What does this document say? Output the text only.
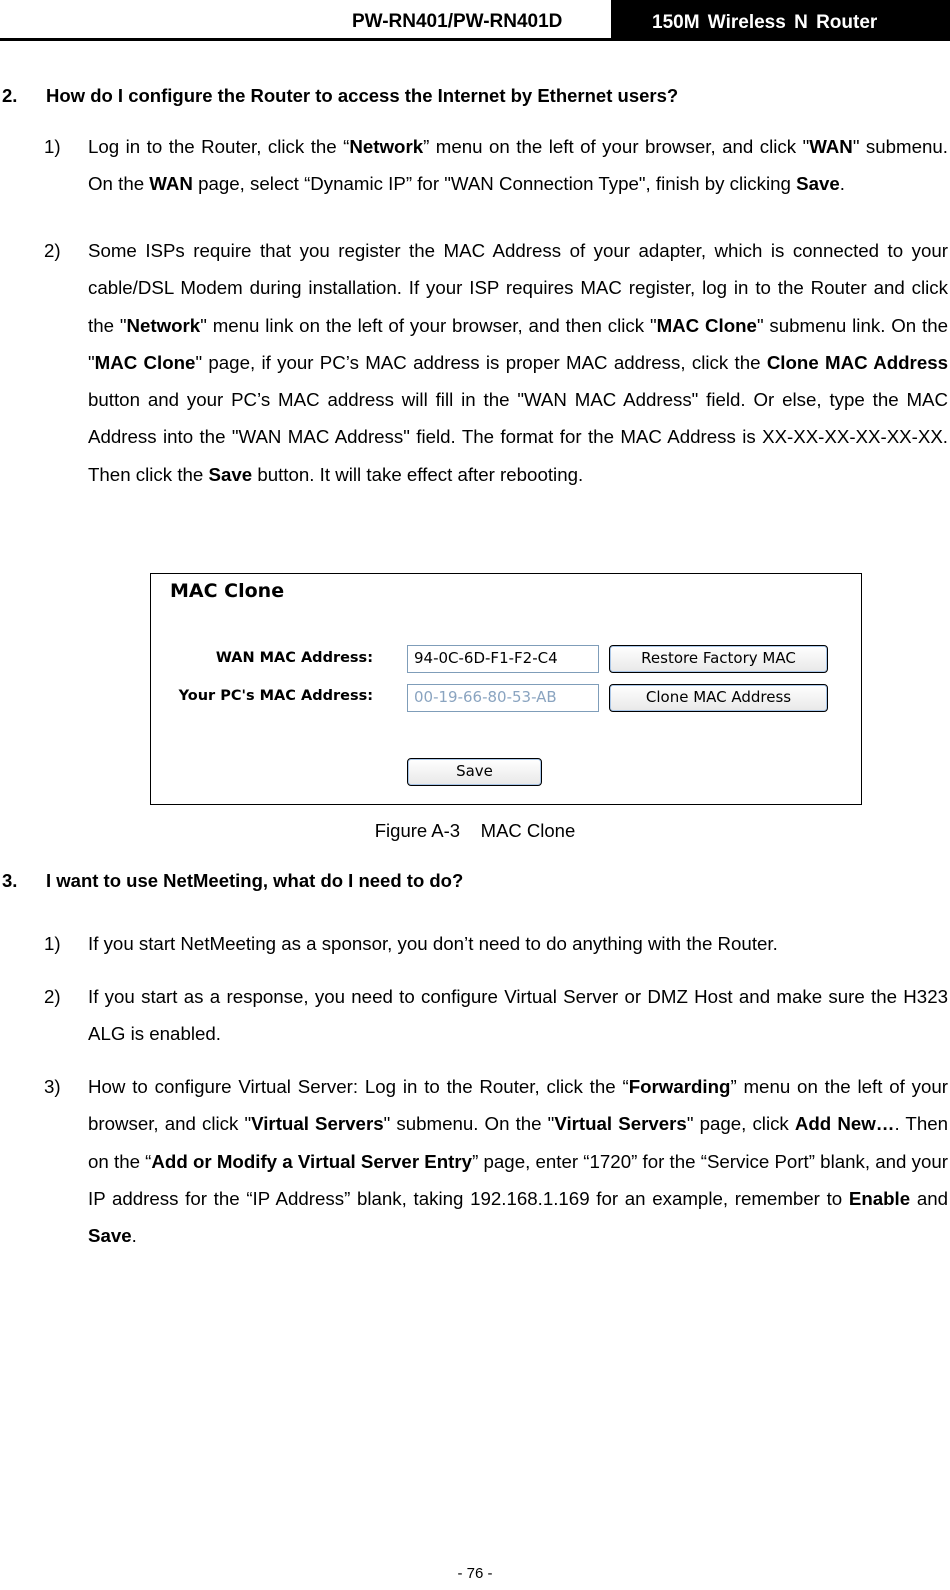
PW-RN401/PW-RN401D	150M Wireless N Router
2. How do I configure the Router to access the Internet by Ethernet users?
1) Log in to the Router, click the “Network” menu on the left of your browser, and click "WAN" submenu. On the WAN page, select “Dynamic IP” for "WAN Connection Type", finish by clicking Save.

2) Some ISPs require that you register the MAC Address of your adapter, which is connected to your cable/DSL Modem during installation. If your ISP requires MAC register, log in to the Router and click the "Network" menu link on the left of your browser, and then click "MAC Clone" submenu link. On the "MAC Clone" page, if your PC’s MAC address is proper MAC address, click the Clone MAC Address button and your PC’s MAC address will fill in the "WAN MAC Address" field. Or else, type the MAC Address into the "WAN MAC Address" field. The format for the MAC Address is XX-XX-XX-XX-XX-XX. Then click the Save button. It will take effect after rebooting.

MAC Clone
WAN MAC Address:	94-0C-6D-F1-F2-C4	Restore Factory MAC
Your PC's MAC Address:	00-19-66-80-53-AB	Clone MAC Address
Save
Figure A-3    MAC Clone
3. I want to use NetMeeting, what do I need to do?
1) If you start NetMeeting as a sponsor, you don’t need to do anything with the Router.

2) If you start as a response, you need to configure Virtual Server or DMZ Host and make sure the H323 ALG is enabled.

3) How to configure Virtual Server: Log in to the Router, click the “Forwarding” menu on the left of your browser, and click "Virtual Servers" submenu. On the "Virtual Servers" page, click Add New…. Then on the “Add or Modify a Virtual Server Entry” page, enter “1720” for the “Service Port” blank, and your IP address for the “IP Address” blank, taking 192.168.1.169 for an example, remember to Enable and Save.

- 76 -
